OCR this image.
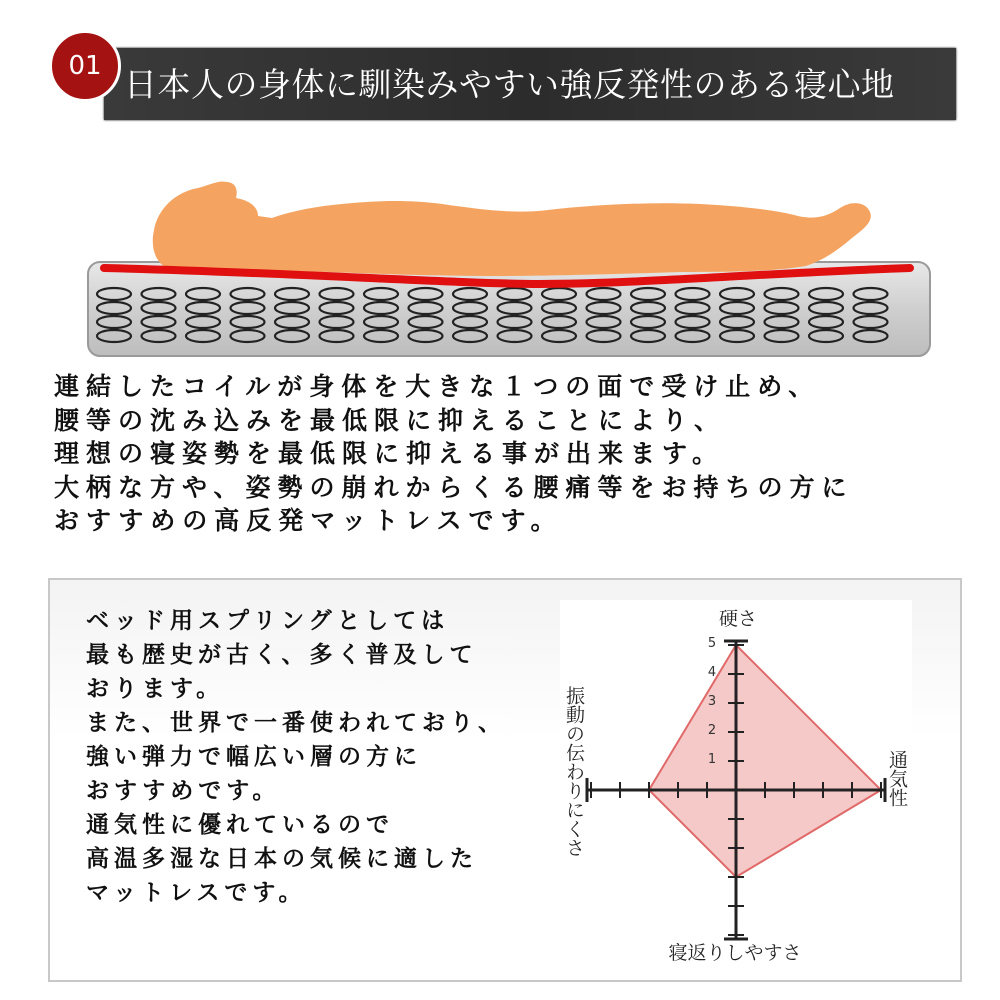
日本人の身体に馴染みやすい強反発性のある寝心地
01
連結したコイルが身体を大きな１つの面で受け止め、
腰等の沈み込みを最低限に抑えることにより、
理想の寝姿勢を最低限に抑える事が出来ます。
大柄な方や、姿勢の崩れからくる腰痛等をお持ちの方に
おすすめの高反発マットレスです。
ベッド用スプリングとしては
最も歴史が古く、多く普及して
おります。
また、世界で一番使われており、
強い弾力で幅広い層の方に
おすすめです。
通気性に優れているので
高温多湿な日本の気候に適した
マットレスです。
硬さ
通気性
寝返りしやすさ
振動の伝わりにくさ	1
2
3
4
5
